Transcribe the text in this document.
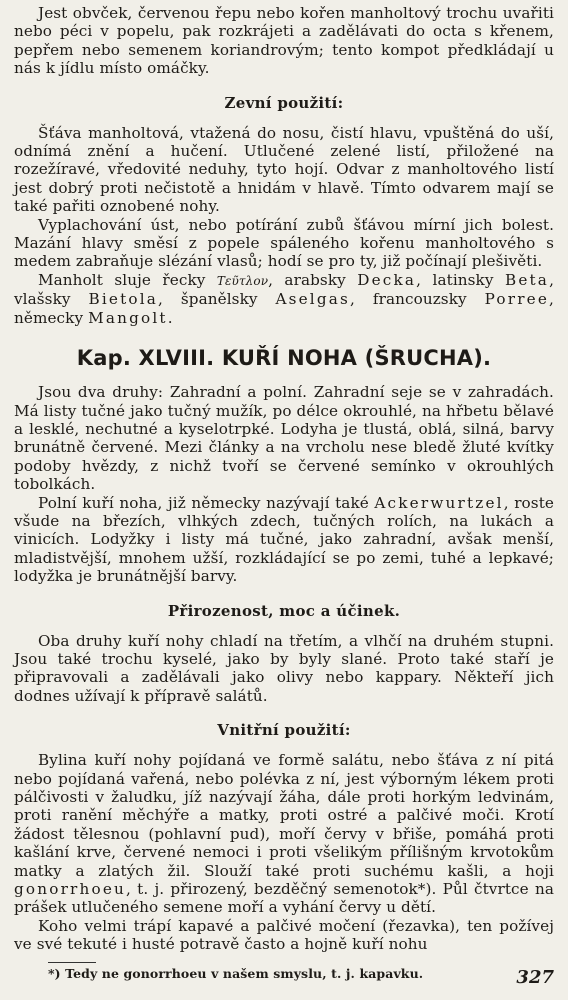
Jest obvček, červenou řepu nebo kořen manholtový trochu uvařiti nebo péci v popelu, pak rozkrájeti a zadělávati do octa s křenem, pepřem nebo semenem koriandrovým; tento kompot předkládají u nás k jídlu místo omáčky.

Zevní použití:

Šťáva manholtová, vtažená do nosu, čistí hlavu, vpuštěná do uší, odnímá znění a hučení. Utlučené zelené listí, přiložené na rozežíravé, vředovité neduhy, tyto hojí. Odvar z manholtového listí jest dobrý proti nečistotě a hnidám v hlavě. Tímto odvarem mají se také pařiti oznobené nohy.

Vyplachování úst, nebo potírání zubů šťávou mírní jich bolest. Mazání hlavy směsí z popele spáleného kořenu manholtového s medem zabraňuje slézání vlasů; hodí se pro ty, již počínají plešivěti.

Manholt sluje řecky Τεῦτλον, arabsky Decka, latinsky Beta, vlašsky Bietola, španělsky Aselgas, francouzsky Porree, německy Mangolt.

Kap. XLVIII. KUŘÍ NOHA (ŠRUCHA).

Jsou dva druhy: Zahradní a polní. Zahradní seje se v zahradách. Má listy tučné jako tučný mužík, po délce okrouhlé, na hřbetu bělavé a lesklé, nechutné a kyselotrpké. Lodyha je tlustá, oblá, silná, barvy brunátně červené. Mezi články a na vrcholu nese bledě žluté kvítky podoby hvězdy, z nichž tvoří se červené semínko v okrouhlých tobolkách.

Polní kuří noha, již německy nazývají také Ackerwurtzel, roste všude na březích, vlhkých zdech, tučných rolích, na lukách a vinicích. Lodyžky i listy má tučné, jako zahradní, avšak menší, mladistvější, mnohem užší, rozkládající se po zemi, tuhé a lepkavé; lodyžka je brunátnější barvy.

Přirozenost, moc a účinek.

Oba druhy kuří nohy chladí na třetím, a vlhčí na druhém stupni. Jsou také trochu kyselé, jako by byly slané. Proto také staří je připravovali a zadělávali jako olivy nebo kappary. Někteří jich dodnes užívají k přípravě salátů.

Vnitřní použití:

Bylina kuří nohy pojídaná ve formě salátu, nebo šťáva z ní pitá nebo pojídaná vařená, nebo polévka z ní, jest výborným lékem proti pálčivosti v žaludku, jíž nazývají žáha, dále proti horkým ledvinám, proti ranění měchýře a matky, proti ostré a palčivé moči. Krotí žádost tělesnou (pohlavní pud), moří červy v břiše, pomáhá proti kašlání krve, červené nemoci i proti všelikým přílišným krvotokům matky a zlatých žil. Slouží také proti suchému kašli, a hoji gonorrhoeu, t. j. přirozený, bezděčný semenotok*). Půl čtvrtce na prášek utlučeného semene moří a vyhání červy u dětí.

Koho velmi trápí kapavé a palčivé močení (řezavka), ten požívej ve své tekuté i husté potravě často a hojně kuří nohu

*) Tedy ne gonorrhoeu v našem smyslu, t. j. kapavku.	327
